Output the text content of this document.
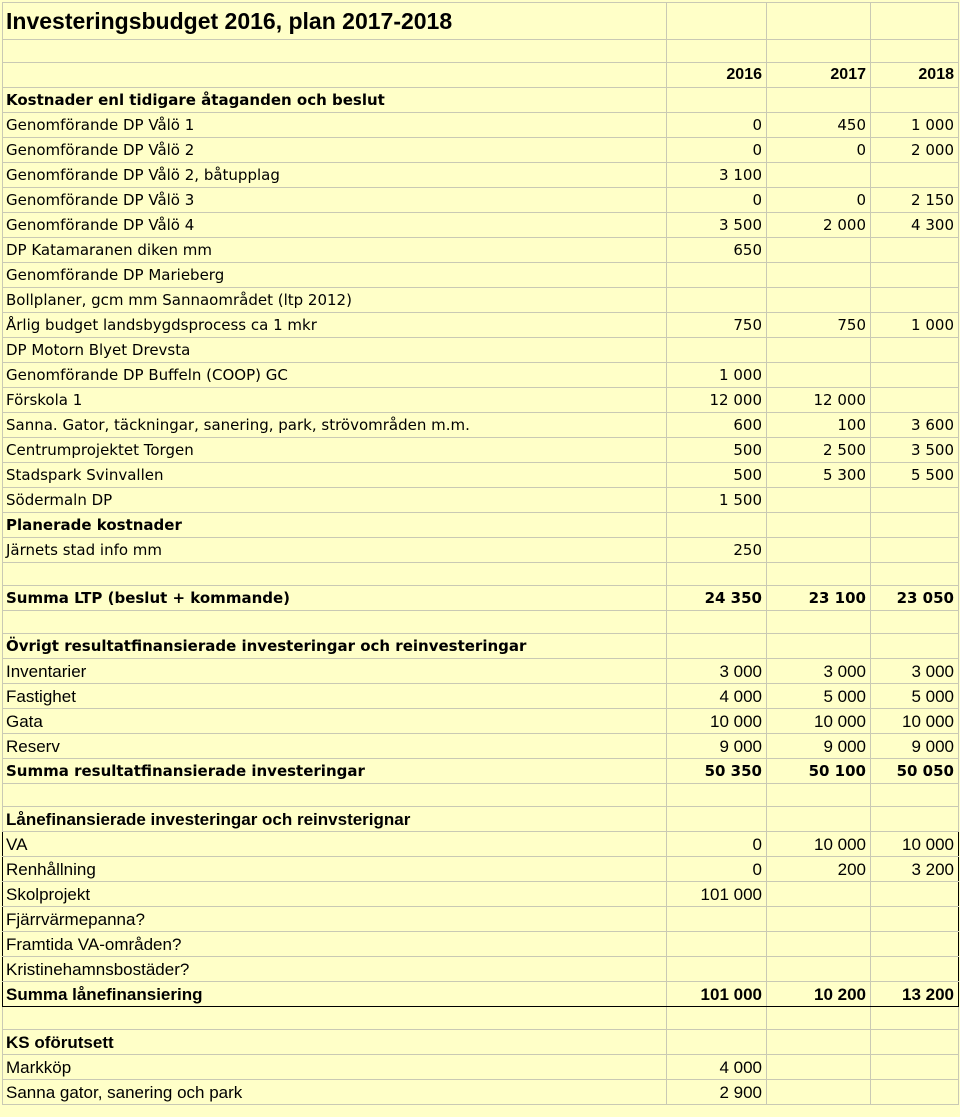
Investeringsbudget 2016, plan 2017-2018			

	2016	2017	2018
Kostnader enl tidigare åtaganden och beslut			
Genomförande DP Vålö 1	0	450	1 000
Genomförande DP Vålö 2	0	0	2 000
Genomförande DP Vålö 2, båtupplag	3 100		
Genomförande DP Vålö 3	0	0	2 150
Genomförande DP Vålö 4	3 500	2 000	4 300
DP Katamaranen diken mm	650		
Genomförande DP Marieberg			
Bollplaner, gcm mm Sannaområdet (ltp 2012)			
Årlig budget landsbygdsprocess ca 1 mkr	750	750	1 000
DP Motorn Blyet Drevsta			
Genomförande DP Buffeln (COOP) GC	1 000		
Förskola 1	12 000	12 000	
Sanna. Gator, täckningar, sanering, park, strövområden m.m.	600	100	3 600
Centrumprojektet Torgen	500	2 500	3 500
Stadspark Svinvallen	500	5 300	5 500
Södermaln DP	1 500		
Planerade kostnader			
Järnets stad info mm	250		

Summa LTP (beslut + kommande)	24 350	23 100	23 050

Övrigt resultatfinansierade investeringar och reinvesteringar			
Inventarier	3 000	3 000	3 000
Fastighet	4 000	5 000	5 000
Gata	10 000	10 000	10 000
Reserv	9 000	9 000	9 000
Summa resultatfinansierade investeringar	50 350	50 100	50 050

Lånefinansierade investeringar och reinvsterignar			
VA	0	10 000	10 000
Renhållning	0	200	3 200
Skolprojekt	101 000		
Fjärrvärmepanna?			
Framtida VA-områden?			
Kristinehamnsbostäder?			
Summa lånefinansiering	101 000	10 200	13 200

KS oförutsett			
Markköp	4 000		
Sanna gator, sanering och park	2 900		
